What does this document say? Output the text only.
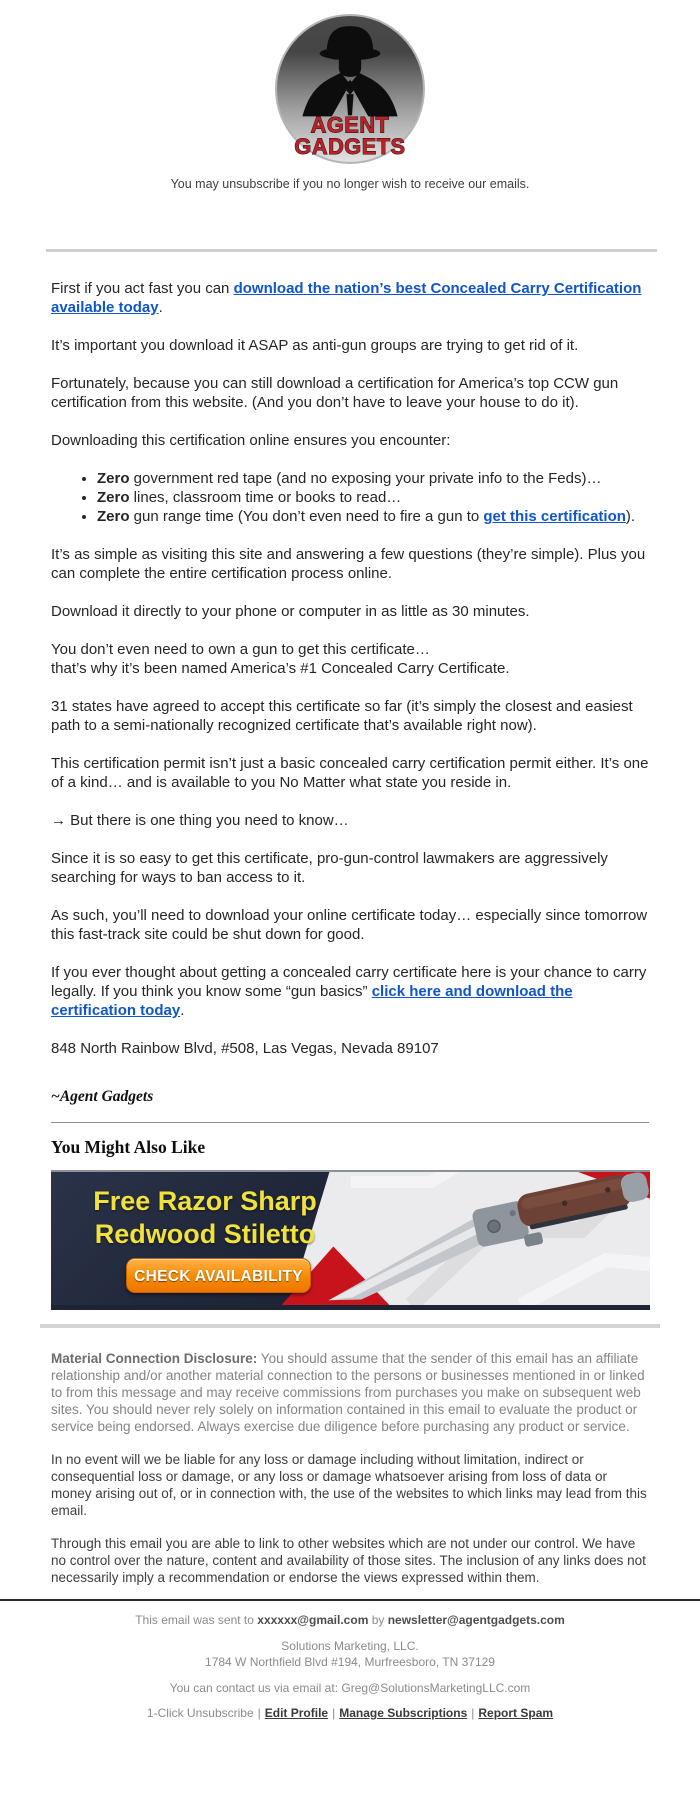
AGENT
GADGETS
You may unsubscribe if you no longer wish to receive our emails.

First if you act fast you can download the nation’s best Concealed Carry Certification available today.

It’s important you download it ASAP as anti-gun groups are trying to get rid of it.

Fortunately, because you can still download a certification for America’s top CCW gun certification from this website. (And you don’t have to leave your house to do it).

Downloading this certification online ensures you encounter:

• Zero government red tape (and no exposing your private info to the Feds)…
• Zero lines, classroom time or books to read…
• Zero gun range time (You don’t even need to fire a gun to get this certification).

It’s as simple as visiting this site and answering a few questions (they’re simple). Plus you can complete the entire certification process online.

Download it directly to your phone or computer in as little as 30 minutes.

You don’t even need to own a gun to get this certificate…
that’s why it’s been named America’s #1 Concealed Carry Certificate.

31 states have agreed to accept this certificate so far (it’s simply the closest and easiest path to a semi-nationally recognized certificate that’s available right now).

This certification permit isn’t just a basic concealed carry certification permit either. It’s one of a kind… and is available to you No Matter what state you reside in.

→ But there is one thing you need to know…

Since it is so easy to get this certificate, pro-gun-control lawmakers are aggressively searching for ways to ban access to it.

As such, you’ll need to download your online certificate today… especially since tomorrow this fast-track site could be shut down for good.

If you ever thought about getting a concealed carry certificate here is your chance to carry legally. If you think you know some “gun basics” click here and download the certification today.

848 North Rainbow Blvd, #508, Las Vegas, Nevada 89107

~Agent Gadgets
You Might Also Like
Free Razor Sharp
Redwood Stiletto
CHECK AVAILABILITY

Material Connection Disclosure: You should assume that the sender of this email has an affiliate relationship and/or another material connection to the persons or businesses mentioned in or linked to from this message and may receive commissions from purchases you make on subsequent web sites. You should never rely solely on information contained in this email to evaluate the product or service being endorsed. Always exercise due diligence before purchasing any product or service.

In no event will we be liable for any loss or damage including without limitation, indirect or consequential loss or damage, or any loss or damage whatsoever arising from loss of data or money arising out of, or in connection with, the use of the websites to which links may lead from this email.

Through this email you are able to link to other websites which are not under our control. We have no control over the nature, content and availability of those sites. The inclusion of any links does not necessarily imply a recommendation or endorse the views expressed within them.

This email was sent to xxxxxx@gmail.com by newsletter@agentgadgets.com
Solutions Marketing, LLC.
1784 W Northfield Blvd #194, Murfreesboro, TN 37129
You can contact us via email at: Greg@SolutionsMarketingLLC.com
1-Click Unsubscribe | Edit Profile | Manage Subscriptions | Report Spam
